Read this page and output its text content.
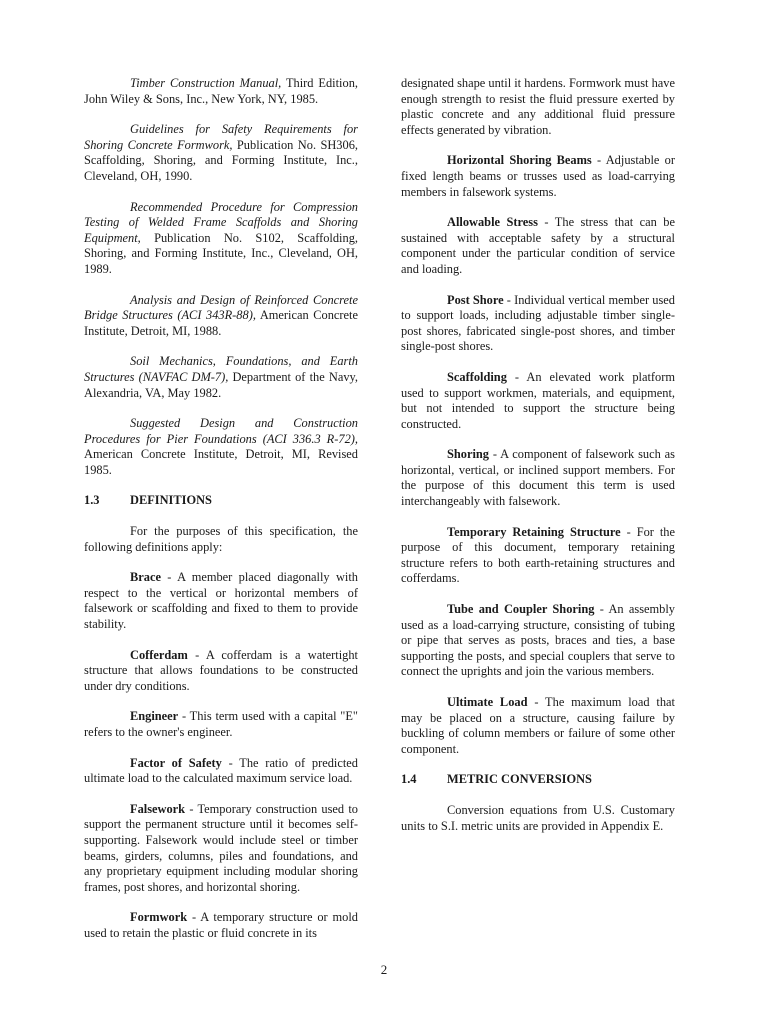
Timber Construction Manual, Third Edition, John Wiley & Sons, Inc., New York, NY, 1985.

Guidelines for Safety Requirements for Shoring Concrete Formwork, Publication No. SH306, Scaffolding, Shoring, and Forming Institute, Inc., Cleveland, OH, 1990.

Recommended Procedure for Compression Testing of Welded Frame Scaffolds and Shoring Equipment, Publication No. S102, Scaffolding, Shoring, and Forming Institute, Inc., Cleveland, OH, 1989.

Analysis and Design of Reinforced Concrete Bridge Structures (ACI 343R-88), American Concrete Institute, Detroit, MI, 1988.

Soil Mechanics, Foundations, and Earth Structures (NAVFAC DM-7), Department of the Navy, Alexandria, VA, May 1982.

Suggested Design and Construction Procedures for Pier Foundations (ACI 336.3 R-72), American Concrete Institute, Detroit, MI, Revised 1985.

1.3	DEFINITIONS

For the purposes of this specification, the following definitions apply:

Brace - A member placed diagonally with respect to the vertical or horizontal members of falsework or scaffolding and fixed to them to provide stability.

Cofferdam - A cofferdam is a watertight structure that allows foundations to be constructed under dry conditions.

Engineer - This term used with a capital "E" refers to the owner's engineer.

Factor of Safety - The ratio of predicted ultimate load to the calculated maximum service load.

Falsework - Temporary construction used to support the permanent structure until it becomes self-supporting. Falsework would include steel or timber beams, girders, columns, piles and foundations, and any proprietary equipment including modular shoring frames, post shores, and horizontal shoring.

Formwork - A temporary structure or mold used to retain the plastic or fluid concrete in its

designated shape until it hardens. Formwork must have enough strength to resist the fluid pressure exerted by plastic concrete and any additional fluid pressure effects generated by vibration.

Horizontal Shoring Beams - Adjustable or fixed length beams or trusses used as load-carrying members in falsework systems.

Allowable Stress - The stress that can be sustained with acceptable safety by a structural component under the particular condition of service and loading.

Post Shore - Individual vertical member used to support loads, including adjustable timber single-post shores, fabricated single-post shores, and timber single-post shores.

Scaffolding - An elevated work platform used to support workmen, materials, and equipment, but not intended to support the structure being constructed.

Shoring - A component of falsework such as horizontal, vertical, or inclined support members. For the purpose of this document this term is used interchangeably with falsework.

Temporary Retaining Structure - For the purpose of this document, temporary retaining structure refers to both earth-retaining structures and cofferdams.

Tube and Coupler Shoring - An assembly used as a load-carrying structure, consisting of tubing or pipe that serves as posts, braces and ties, a base supporting the posts, and special couplers that serve to connect the uprights and join the various members.

Ultimate Load - The maximum load that may be placed on a structure, causing failure by buckling of column members or failure of some other component.

1.4	METRIC CONVERSIONS

Conversion equations from U.S. Customary units to S.I. metric units are provided in Appendix E.

2
